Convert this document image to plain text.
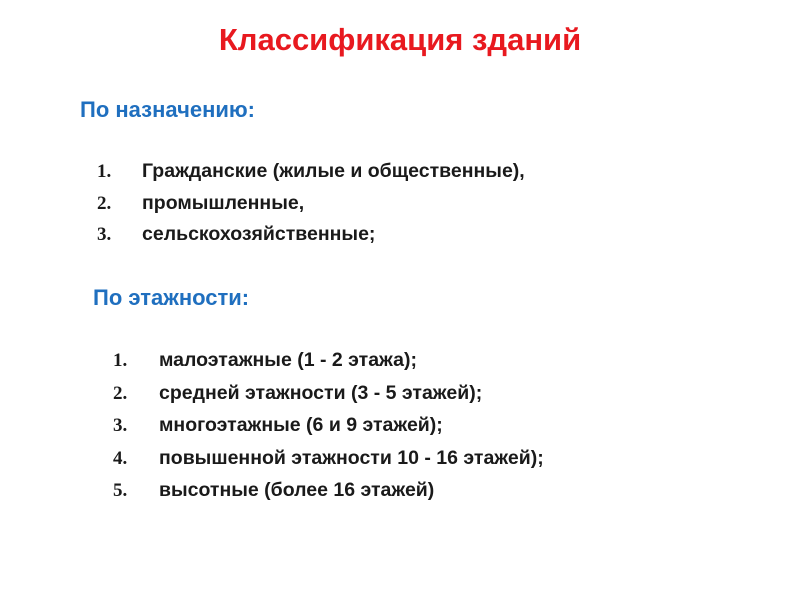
Классификация зданий
По назначению:
1. Гражданские (жилые и общественные),
2. промышленные,
3. сельскохозяйственные;
По этажности:
1. малоэтажные (1 - 2 этажа);
2. средней этажности (3 - 5 этажей);
3. многоэтажные (6 и 9 этажей);
4. повышенной этажности 10 - 16 этажей);
5. высотные (более 16 этажей)
